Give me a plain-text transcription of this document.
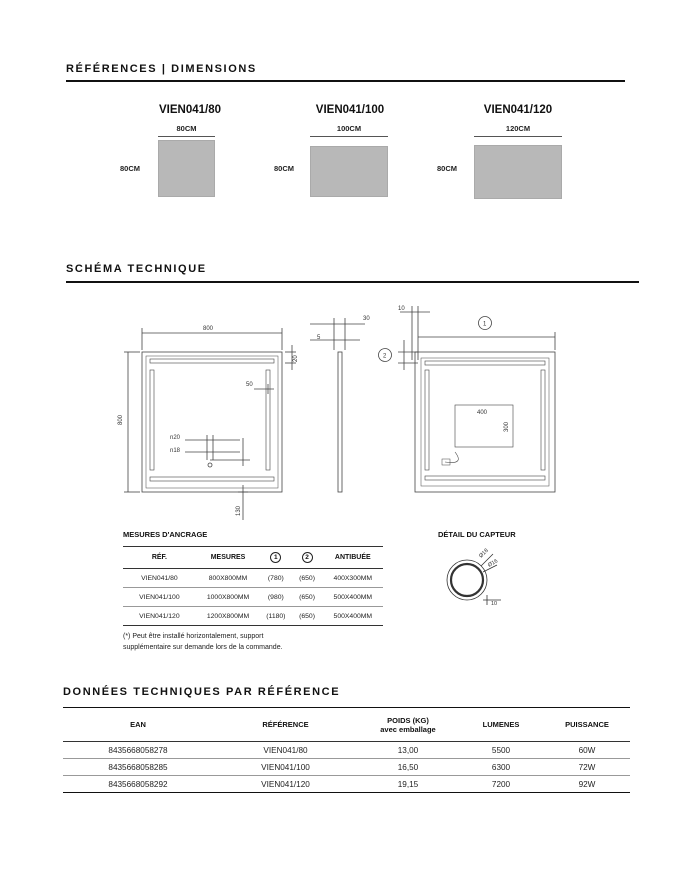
RÉFÉRENCES | DIMENSIONS
VIEN041/80
80CM
80CM
VIEN041/100
100CM
80CM
VIEN041/120
120CM
80CM
SCHÉMA TECHNIQUE
800
800
20
50
n20
n18
130
30
5
10
1
2
400
300
MESURES D'ANCRAGE
RÉF.	MESURES	1	2	ANTIBUÉE
VIEN041/80	800X800MM	(780)	(650)	400X300MM
VIEN041/100	1000X800MM	(980)	(650)	500X400MM
VIEN041/120	1200X800MM	(1180)	(650)	500X400MM
(*) Peut être installé horizontalement, support
supplémentaire sur demande lors de la commande.
DÉTAIL DU CAPTEUR
Ø18
Ø16
10
DONNÉES TECHNIQUES PAR RÉFÉRENCE
EAN	RÉFÉRENCE	POIDS (KG)
avec emballage	LUMENES	PUISSANCE
8435668058278	VIEN041/80	13,00	5500	60W
8435668058285	VIEN041/100	16,50	6300	72W
8435668058292	VIEN041/120	19,15	7200	92W
